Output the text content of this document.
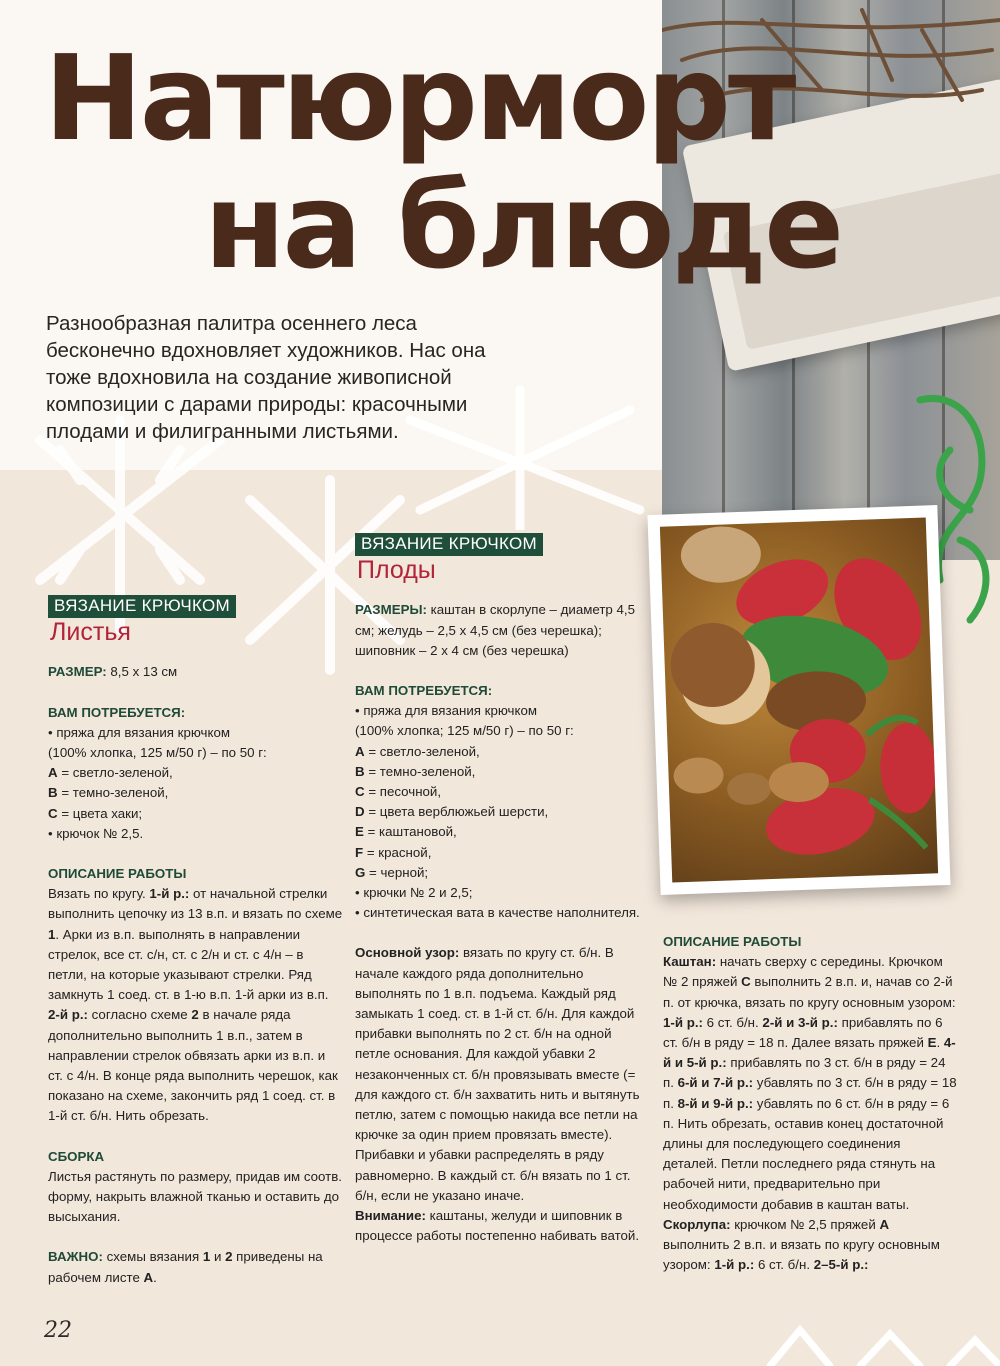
Натюрморт
на блюде

Разнообразная палитра осеннего леса бесконечно вдохновляет художников. Нас она тоже вдохновила на создание живописной композиции с дарами природы: красочными плодами и филигранными листьями.

ВЯЗАНИЕ КРЮЧКОМ
Листья

РАЗМЕР: 8,5 х 13 см

ВАМ ПОТРЕБУЕТСЯ:

• пряжа для вязания крючком

(100% хлопка, 125 м/50 г) – по 50 г:

A = светло-зеленой,

B = темно-зеленой,

C = цвета хаки;

• крючок № 2,5.

ОПИСАНИЕ РАБОТЫ

Вязать по кругу. 1-й р.: от начальной стрелки выполнить цепочку из 13 в.п. и вязать по схеме 1. Арки из в.п. выполнять в направлении стрелок, все ст. с/н, ст. с 2/н и ст. с 4/н – в петли, на которые указывают стрелки. Ряд замкнуть 1 соед. ст. в 1-ю в.п. 1-й арки из в.п. 2-й р.: согласно схеме 2 в начале ряда дополнительно выполнить 1 в.п., затем в направлении стрелок обвязать арки из в.п. и ст. с 4/н. В конце ряда выполнить черешок, как показано на схеме, закончить ряд 1 соед. ст. в 1-й ст. б/н. Нить обрезать.

СБОРКА

Листья растянуть по размеру, придав им соотв. форму, накрыть влажной тканью и оставить до высыхания.

ВАЖНО: схемы вязания 1 и 2 приведены на рабочем листе A.

ВЯЗАНИЕ КРЮЧКОМ
Плоды

РАЗМЕРЫ: каштан в скорлупе – диаметр 4,5 см; желудь – 2,5 х 4,5 см (без черешка); шиповник – 2 х 4 см (без черешка)

ВАМ ПОТРЕБУЕТСЯ:

• пряжа для вязания крючком

(100% хлопка; 125 м/50 г) – по 50 г:

A = светло-зеленой,

B = темно-зеленой,

C = песочной,

D = цвета верблюжьей шерсти,

E = каштановой,

F = красной,

G = черной;

• крючки № 2 и 2,5;

• синтетическая вата в качестве наполнителя.

Основной узор: вязать по кругу ст. б/н. В начале каждого ряда дополнительно выполнять по 1 в.п. подъема. Каждый ряд замыкать 1 соед. ст. в 1-й ст. б/н. Для каждой прибавки выполнять по 2 ст. б/н на одной петле основания. Для каждой убавки 2 незаконченных ст. б/н провязывать вместе (= для каждого ст. б/н захватить нить и вытянуть петлю, затем с помощью накида все петли на крючке за один прием провязать вместе). Прибавки и убавки распределять в ряду равномерно. В каждый ст. б/н вязать по 1 ст. б/н, если не указано иначе.

Внимание: каштаны, желуди и шиповник в процессе работы постепенно набивать ватой.

ОПИСАНИЕ РАБОТЫ

Каштан: начать сверху с середины. Крючком № 2 пряжей C выполнить 2 в.п. и, начав со 2-й п. от крючка, вязать по кругу основным узором: 1-й р.: 6 ст. б/н. 2-й и 3-й р.: прибавлять по 6 ст. б/н в ряду = 18 п. Далее вязать пряжей E. 4-й и 5-й р.: прибавлять по 3 ст. б/н в ряду = 24 п. 6-й и 7-й р.: убавлять по 3 ст. б/н в ряду = 18 п. 8-й и 9-й р.: убавлять по 6 ст. б/н в ряду = 6 п. Нить обрезать, оставив конец достаточной длины для последующего соединения деталей. Петли последнего ряда стянуть на рабочей нити, предварительно при необходимости добавив в каштан ваты.

Скорлупа: крючком № 2,5 пряжей A выполнить 2 в.п. и вязать по кругу основным узором: 1-й р.: 6 ст. б/н. 2–5-й р.:

22
